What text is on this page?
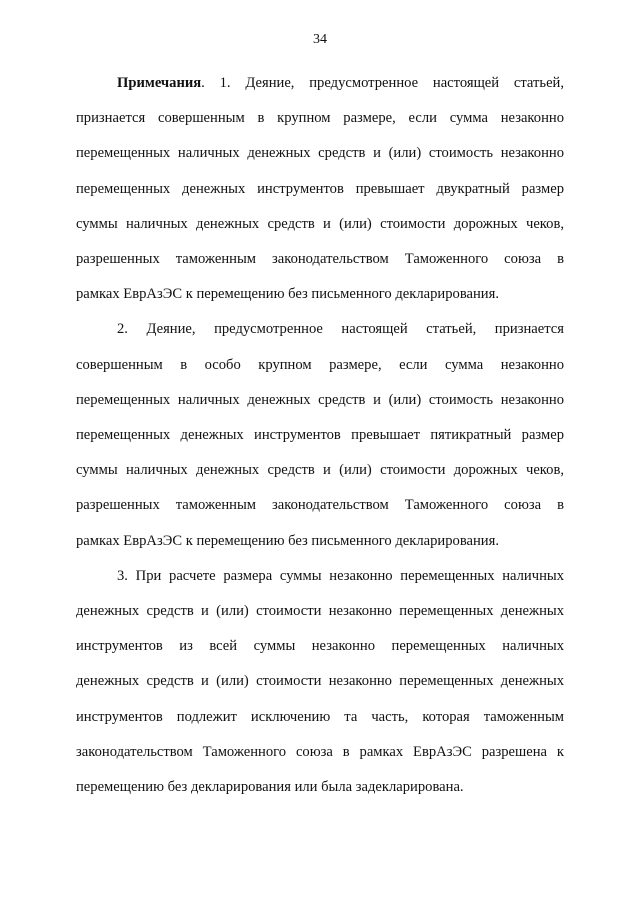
34
Примечания. 1. Деяние, предусмотренное настоящей статьей,
признается совершенным в крупном размере, если сумма незаконно
перемещенных наличных денежных средств и (или) стоимость незаконно
перемещенных денежных инструментов превышает двукратный размер
суммы наличных денежных средств и (или) стоимости дорожных чеков,
разрешенных таможенным законодательством Таможенного союза в
рамках ЕврАзЭС к перемещению без письменного декларирования.
2. Деяние, предусмотренное настоящей статьей, признается
совершенным в особо крупном размере, если сумма незаконно
перемещенных наличных денежных средств и (или) стоимость незаконно
перемещенных денежных инструментов превышает пятикратный размер
суммы наличных денежных средств и (или) стоимости дорожных чеков,
разрешенных таможенным законодательством Таможенного союза в
рамках ЕврАзЭС к перемещению без письменного декларирования.
3. При расчете размера суммы незаконно перемещенных наличных
денежных средств и (или) стоимости незаконно перемещенных денежных
инструментов из всей суммы незаконно перемещенных наличных
денежных средств и (или) стоимости незаконно перемещенных денежных
инструментов подлежит исключению та часть, которая таможенным
законодательством Таможенного союза в рамках ЕврАзЭС разрешена к
перемещению без декларирования или была задекларирована.
